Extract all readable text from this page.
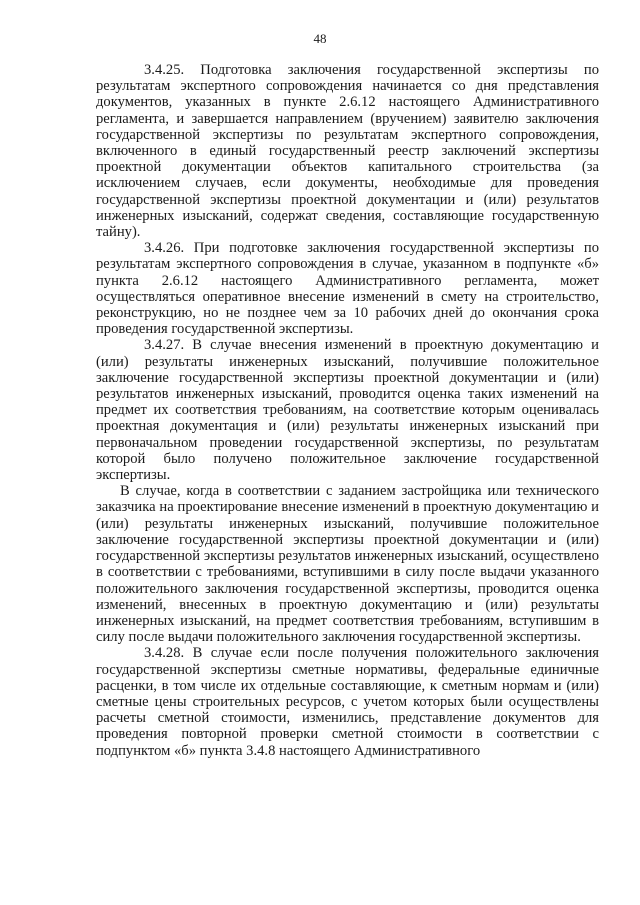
48

3.4.25. Подготовка заключения государственной экспертизы по результатам экспертного сопровождения начинается со дня представления документов, указанных в пункте 2.6.12 настоящего Административного регламента, и завершается направлением (вручением) заявителю заключения государственной экспертизы по результатам экспертного сопровождения, включенного в единый государственный реестр заключений экспертизы проектной документации объектов капитального строительства (за исключением случаев, если документы, необходимые для проведения государственной экспертизы проектной документации и (или) результатов инженерных изысканий, содержат сведения, составляющие государственную тайну).

3.4.26. При подготовке заключения государственной экспертизы по результатам экспертного сопровождения в случае, указанном в подпункте «б» пункта 2.6.12 настоящего Административного регламента, может осуществляться оперативное внесение изменений в смету на строительство, реконструкцию, но не позднее чем за 10 рабочих дней до окончания срока проведения государственной экспертизы.

3.4.27. В случае внесения изменений в проектную документацию и (или) результаты инженерных изысканий, получившие положительное заключение государственной экспертизы проектной документации и (или) результатов инженерных изысканий, проводится оценка таких изменений на предмет их соответствия требованиям, на соответствие которым оценивалась проектная документация и (или) результаты инженерных изысканий при первоначальном проведении государственной экспертизы, по результатам которой было получено положительное заключение государственной экспертизы.

В случае, когда в соответствии с заданием застройщика или технического заказчика на проектирование внесение изменений в проектную документацию и (или) результаты инженерных изысканий, получившие положительное заключение государственной экспертизы проектной документации и (или) государственной экспертизы результатов инженерных изысканий, осуществлено в соответствии с требованиями, вступившими в силу после выдачи указанного положительного заключения государственной экспертизы, проводится оценка изменений, внесенных в проектную документацию и (или) результаты инженерных изысканий, на предмет соответствия требованиям, вступившим в силу после выдачи положительного заключения государственной экспертизы.

3.4.28. В случае если после получения положительного заключения государственной экспертизы сметные нормативы, федеральные единичные расценки, в том числе их отдельные составляющие, к сметным нормам и (или) сметные цены строительных ресурсов, с учетом которых были осуществлены расчеты сметной стоимости, изменились, представление документов для проведения повторной проверки сметной стоимости в соответствии с подпунктом «б» пункта 3.4.8 настоящего Административного
